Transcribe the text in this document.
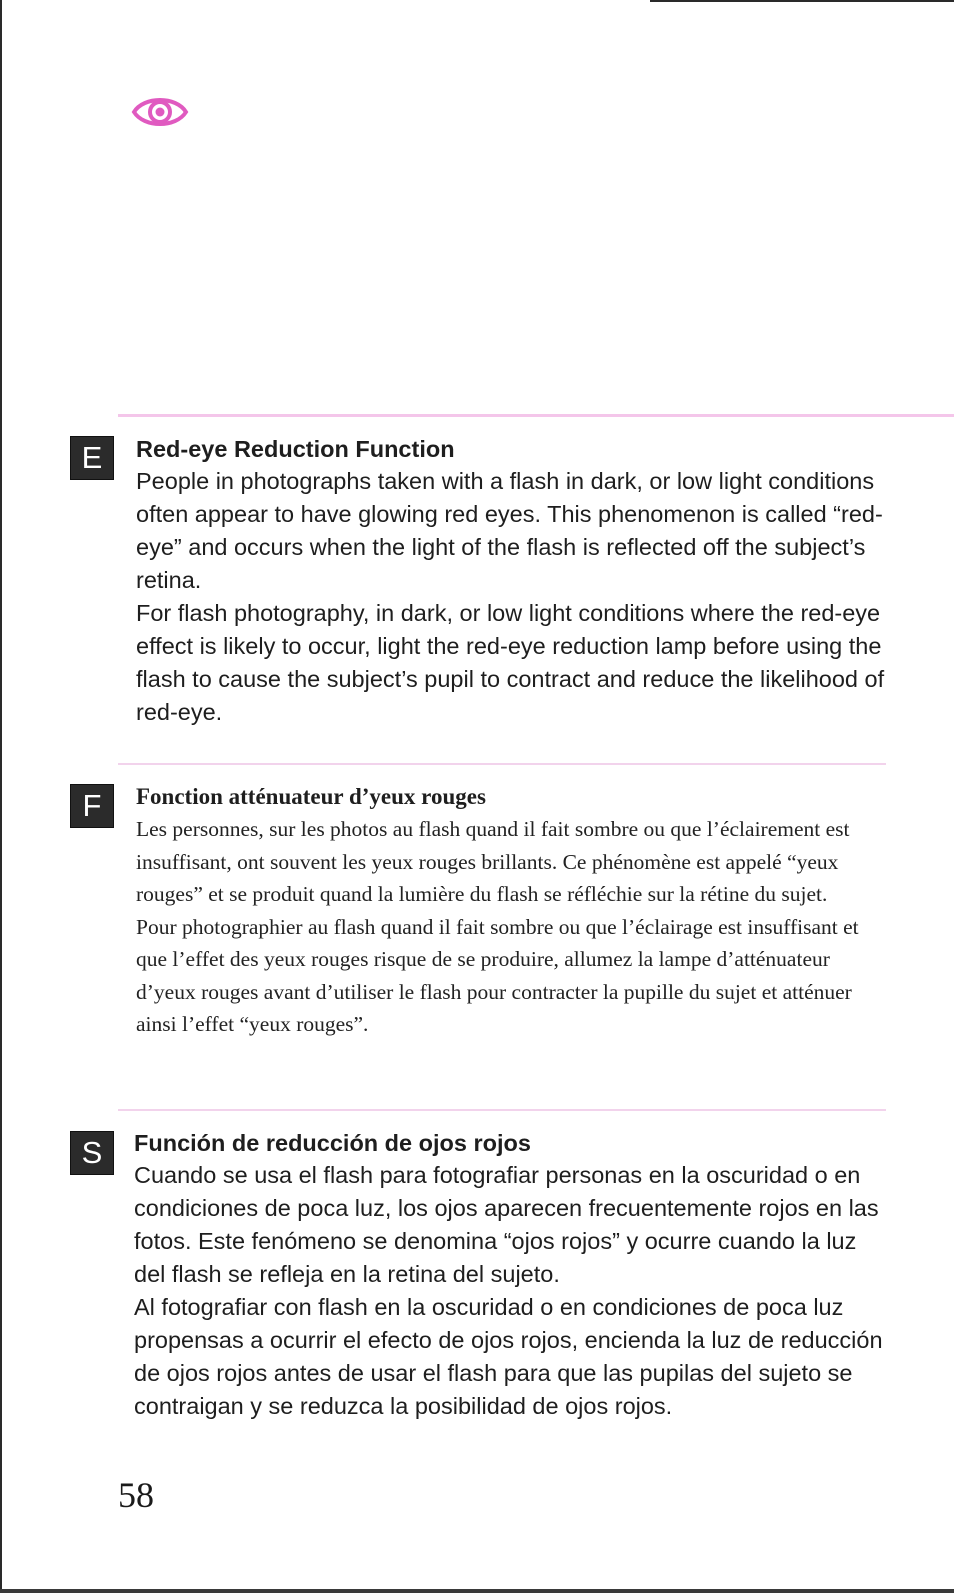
E	Red-eye Reduction Function

People in photographs taken with a flash in dark, or low light conditions often appear to have glowing red eyes. This phenomenon is called “red-eye” and occurs when the light of the flash is reflected off the subject’s retina.

For flash photography, in dark, or low light conditions where the red-eye effect is likely to occur, light the red-eye reduction lamp before using the flash to cause the subject’s pupil to contract and reduce the likelihood of red-eye.

F	Fonction atténuateur d’yeux rouges

Les personnes, sur les photos au flash quand il fait sombre ou que l’éclairement est insuffisant, ont souvent les yeux rouges brillants. Ce phénomène est appelé “yeux rouges” et se produit quand la lumière du flash se réfléchie sur la rétine du sujet.

Pour photographier au flash quand il fait sombre ou que l’éclairage est insuffisant et que l’effet des yeux rouges risque de se produire, allumez la lampe d’atténuateur d’yeux rouges avant d’utiliser le flash pour contracter la pupille du sujet et atténuer ainsi l’effet “yeux rouges”.

S	Función de reducción de ojos rojos

Cuando se usa el flash para fotografiar personas en la oscuridad o en condiciones de poca luz, los ojos aparecen frecuentemente rojos en las fotos. Este fenómeno se denomina “ojos rojos” y ocurre cuando la luz del flash se refleja en la retina del sujeto.

Al fotografiar con flash en la oscuridad o en condiciones de poca luz propensas a ocurrir el efecto de ojos rojos, encienda la luz de reducción de ojos rojos antes de usar el flash para que las pupilas del sujeto se contraigan y se reduzca la posibilidad de ojos rojos.

58
